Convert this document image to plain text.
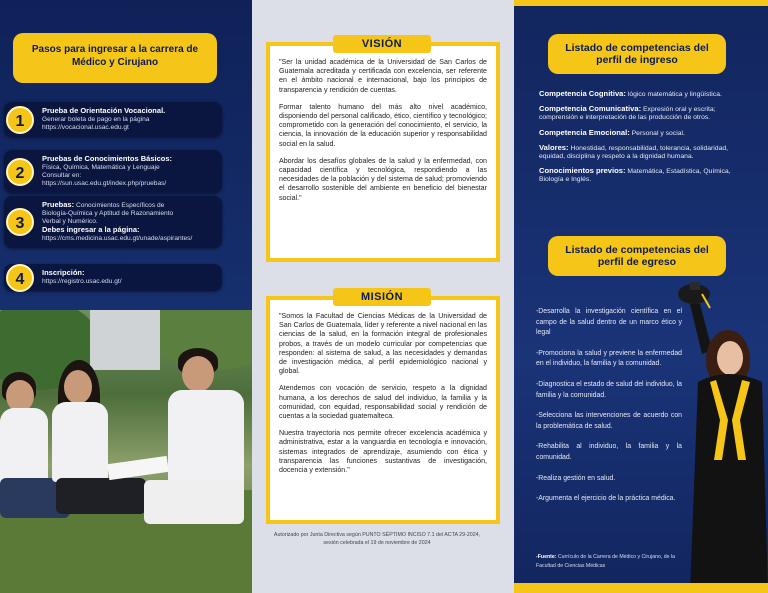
Pasos para ingresar a la carrera de Médico y Cirujano
1
Prueba de Orientación Vocacional.
Generar boleta de pago en la página
https://vocacional.usac.edu.gt
2
Pruebas de Conocimientos Básicos:
Física, Química, Matemática y Lenguaje
Consultar en:
https://sun.usac.edu.gt/index.php/pruebas/
3
Pruebas: Conocimientos Específicos de
Biología-Química y Aptitud de Razonamiento
Verbal y Numérico.
Debes ingresar a la página:
https://cms.medicina.usac.edu.gt/unade/aspirantes/
4	Inscripción:
https://registro.usac.edu.gt/

"Ser la unidad académica de la Universidad de San Carlos de Guatemala acreditada y certificada con excelencia, ser referente en el ámbito nacional e internacional, bajo los principios de transparencia y rendición de cuentas.

Formar talento humano del más alto nivel académico, disponiendo del personal calificado, ético, científico y tecnológico; comprometido con la generación del conocimiento, el servicio, la ciencia, la innovación de la educación superior y responsabilidad social en la salud.

Abordar los desafíos globales de la salud y la enfermedad, con capacidad científica y tecnológica, respondiendo a las necesidades de la población y del sistema de salud; promoviendo el desarrollo sostenible del ambiente en beneficio del bienestar social."

VISIÓN

"Somos la Facultad de Ciencias Médicas de la Universidad de San Carlos de Guatemala, líder y referente a nivel nacional en las ciencias de la salud, en la formación integral de profesionales probos, a través de un modelo curricular por competencias que responden: al sistema de salud, a las necesidades y demandas de investigación médica, al perfil epidemiológico nacional y global.

Atendemos con vocación de servicio, respeto a la dignidad humana, a los derechos de salud del individuo, la familia y la comunidad, con equidad, responsabilidad social y rendición de cuentas a la sociedad guatemalteca.

Nuestra trayectoria nos permite ofrecer excelencia académica y administrativa, estar a la vanguardia en tecnología e innovación, sistemas integrados de aprendizaje, asumiendo con ética y transparencia las funciones sustantivas de investigación, docencia y extensión."

MISIÓN
Autorizado por Junta Directiva según PUNTO SÉPTIMO INCISO 7.1 del ACTA 29-2024, sesión celebrada el 19 de noviembre de 2024
Listado de competencias del perfil de ingreso
Competencia Cognitiva: lógico matemática y lingüística.
Competencia Comunicativa: Expresión oral y escrita; comprensión e interpretación de las producción de otros.
Competencia Emocional: Personal y social.
Valores: Honestidad, responsabilidad, tolerancia, solidaridad, equidad, disciplina y respeto a la dignidad humana.
Conocimientos previos: Matemática, Estadística, Química, Biología e Inglés.
Listado de competencias del perfil de egreso
-Desarrolla la investigación científica en el campo de la salud dentro de un marco ético y legal
-Promociona la salud y previene la enfermedad en el individuo, la familia y la comunidad.
-Diagnostica el estado de salud del individuo, la familia y la comunidad.
-Selecciona las intervenciones de acuerdo con la problemática de salud.
-Rehabilita al individuo, la familia y la comunidad.
-Realiza gestión en salud.
-Argumenta el ejercicio de la práctica médica.
-Fuente: Currículo de la Carrera de Médico y Cirujano, de la Facultad de Ciencias Médicas
